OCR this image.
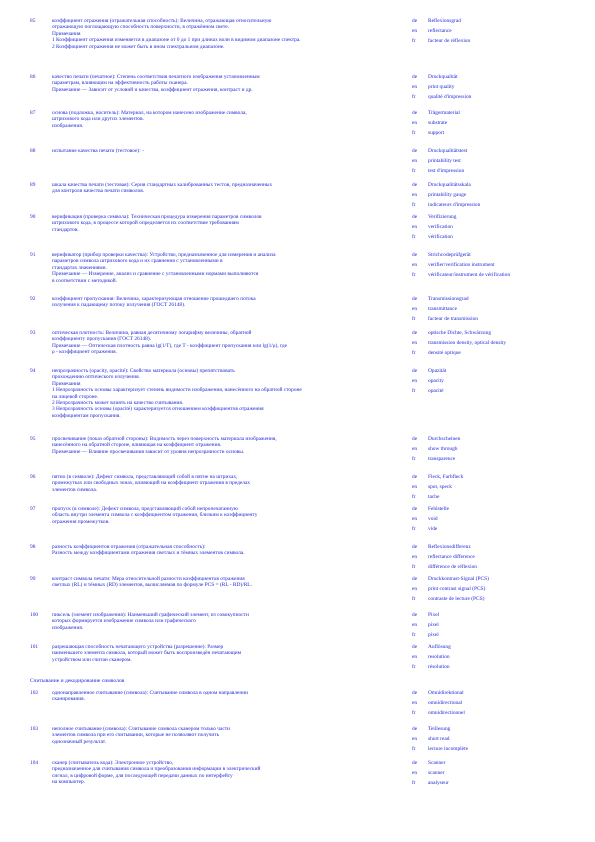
85	коэффициент отражения (отражательная способность): Величина, отражающая относительную
отражающую поглощающую способность поверхности, в отражённом свете.
Примечания
1 Коэффициент отражения изменяется в диапазоне от 0 до 1 при длинах волн в видимом диапазоне спектра.
2 Коэффициент отражения не может быть в ином спектральном диапазоне.
de	Reflexionsgrad
en	reflectance
fr	facteur de réflexion
86	качество печати (печатное): Степень соответствия печатного изображения установленным
параметрам, влияющим на эффективность работы сканера.
Примечание — Зависит от условий и качества, коэффициент отражения, контраст и др.
de	Druckqualität
en	print quality
fr	qualité d'impression
87	основа (подложка, носитель): Материал, на котором нанесено изображение символа,
штрихового кода или других элементов.
изображения.
de	Trägermaterial
en	substrate
fr	support
88	испытание качества печати (тестовое): -	de	Druckqualitätstest
en	printability test
fr	test d'impression
89	шкала качества печати (тестовая): Серия стандартных калиброванных тестов, предназначенных
для контроля качества печати символов.
de	Druckqualitätsskala
en	printability gauge
fr	indicateurs d'impression
90	верификация (проверка символа): Техническая процедура измерения параметров символов
штрихового кода, в процессе которой определяется их соответствие требованиям
стандартов.
de	Verifizierung
en	verification
fr	vérification
91	верификатор (прибор проверки качества): Устройство, предназначенное для измерения и анализа
параметров символа штрихового кода и их сравнения с установленными в
стандартах значениями.
Примечание — Измерение, анализ и сравнение с установленными нормами выполняются
в соответствии с методикой.
de	Strichcodeprüfgerät
en	verifier/verification instrument
fr	vérificateur/instrument de vérification
92	коэффициент пропускания: Величина, характеризующая отношение прошедшего потока
излучения к падающему потоку излучения (ГОСТ 26148).
de	Transmissionsgrad
en	transmittance
fr	facteur de transmission
93	оптическая плотность: Величина, равная десятичному логарифму величины, обратной
коэффициенту пропускания (ГОСТ 26148).
Примечание — Оптическая плотность равна lg(1/T), где T - коэффициент пропускания или lg(1/ρ), где
ρ - коэффициент отражения.
de	optische Dichte, Schwärzung
en	transmission density, optical density
fr	densité optique
94	непрозрачность (opacity, opacité): Свойство материала (основы) препятствовать
прохождению оптического излучения.
Примечания
1 Непрозрачность основы характеризует степень видимости изображения, нанесённого на обратной стороне
на лицевой стороне.
2 Непрозрачность может влиять на качество считывания.
3 Непрозрачность основы (opacité) характеризуется отношением коэффициентов отражения
коэффициентам пропускания.
de	Opazität
en	opacity
fr	opacité
95	просвечивание (показ обратной стороны): Видимость через поверхность материала изображения,
нанесённого на обратной стороне, влияющая на коэффициент отражения.
Примечание — Влияние просвечивания зависит от уровня непрозрачности основы.
de	Durchscheinen
en	show through
fr	transparence
96	пятно (в символе): Дефект символа, представляющий собой в пятне на штрихах,
промежутках или свободных зонах, влияющий на коэффициент отражения в пределах
элементов символа.
de	Fleck, Farbfleck
en	spot, speck
fr	tache
97	пропуск (в символе): Дефект символа, представляющий собой непропечатанную
область внутри элемента символа с коэффициентом отражения, близким к коэффициенту
отражения промежутков.
de	Fehlstelle
en	void
fr	vide
98	разность коэффициентов отражения (отражательная способность):
Разность между коэффициентами отражения светлых и тёмных элементов символа.
de	Reflexionsdifferenz
en	reflectance difference
fr	différence de réflexion
99	контраст символа печати: Мера относительной разности коэффициентов отражения
светлых (RL) и тёмных (RD) элементов, вычисляемая по формуле PCS = (RL - RD)/RL.
de	Druckkontrast-Signal (PCS)
en	print contrast signal (PCS)
fr	contraste de lecture (PCS)
100	пиксель (элемент изображения): Наименьший графический элемент, из совокупности
которых формируется изображение символа или графического
изображения.
de	Pixel
en	pixel
fr	pixel
101	разрешающая способность печатающего устройства (разрешение): Размер
наименьшего элемента символа, который может быть воспроизведён печатающим
устройством или считан сканером.
de	Auflösung
en	resolution
fr	résolution
Считывание и декодирование символов
102	однонаправленное считывание (символа): Считывание символа в одном направлении
сканирования.
de	Omnidirektional
en	omnidirectional
fr	omnidirectionnel
103	неполное считывание (символа): Считывание символа сканером только части
элементов символа при его считывании, которые не позволяют получить
однозначный результат.
de	Teillesung
en	short read
fr	lecture incomplète
104	сканер (считыватель кода): Электронное устройство,
предназначенное для считывания символа и преобразования информации в электрический
сигнал, в цифровой форме, для последующей передачи данных по интерфейсу
на компьютер.
de	Scanner
en	scanner
fr	analyseur
